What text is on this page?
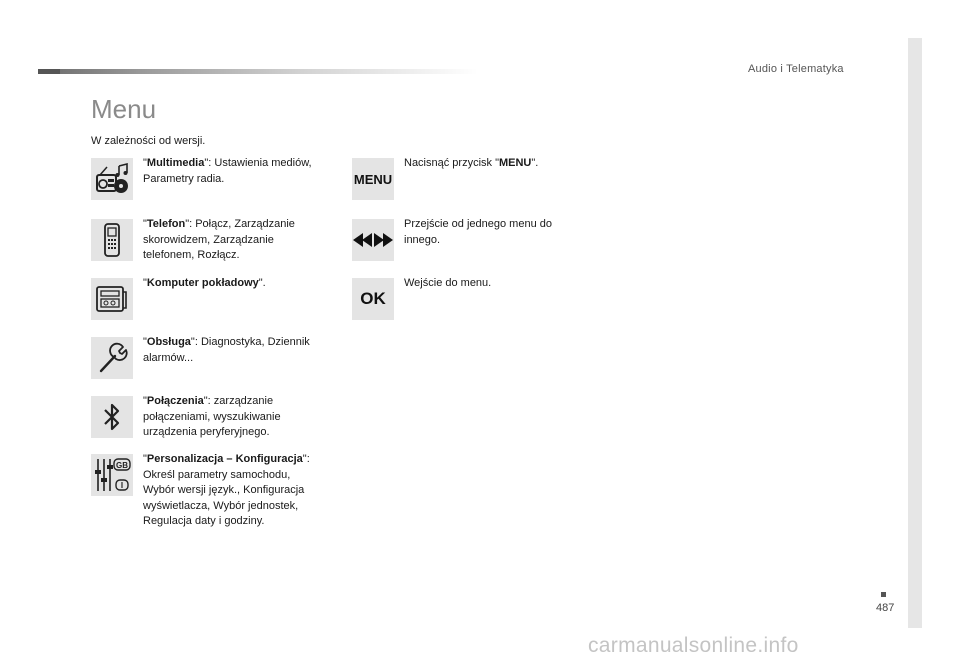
Audio i Telematyka
487
Menu
W zależności od wersji.
"Multimedia": Ustawienia mediów, Parametry radia.
"Telefon": Połącz, Zarządzanie skorowidzem, Zarządzanie telefonem, Rozłącz.
"Komputer pokładowy".
"Obsługa": Diagnostyka, Dziennik alarmów...
"Połączenia": zarządzanie połączeniami, wyszukiwanie urządzenia peryferyjnego.
GB
I
"Personalizacja – Konfiguracja": Określ parametry samochodu, Wybór wersji język., Konfiguracja wyświetlacza, Wybór jednostek, Regulacja daty i godziny.
MENU
Nacisnąć przycisk "MENU".
Przejście od jednego menu do innego.
OK
Wejście do menu.
carmanualsonline.info
